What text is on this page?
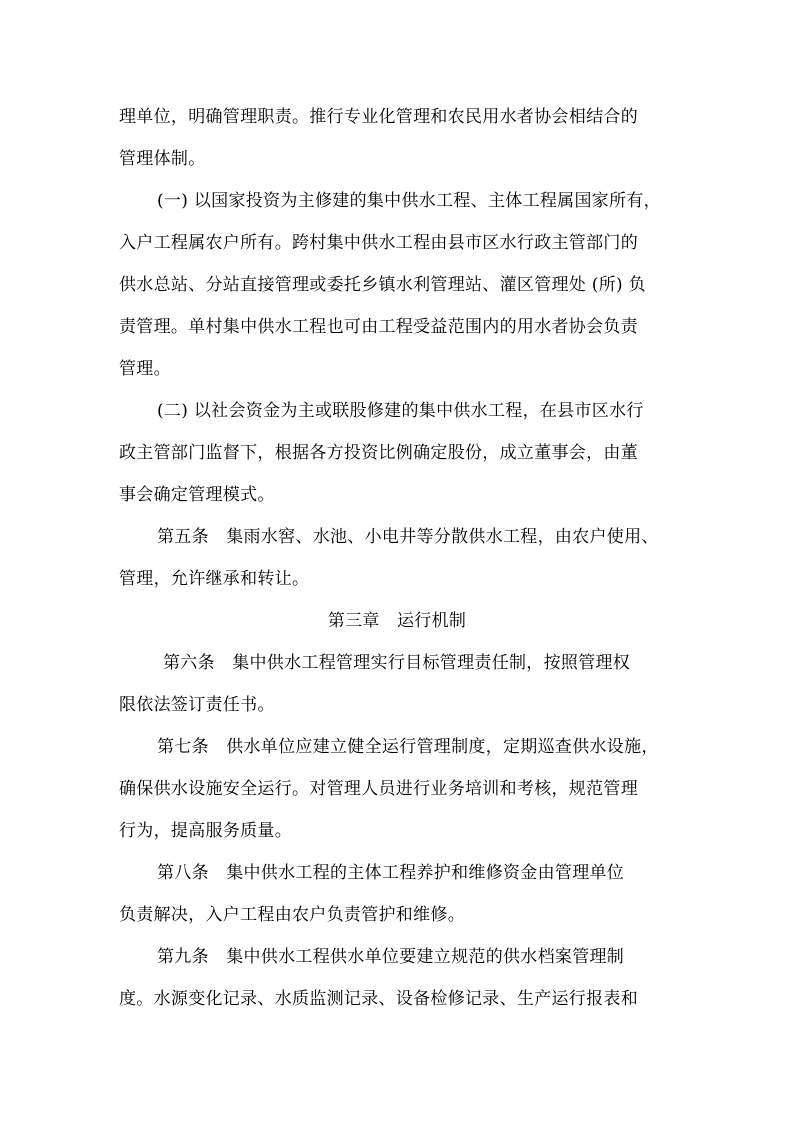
理单位，明确管理职责。推行专业化管理和农民用水者协会相结合的
管理体制。
(一) 以国家投资为主修建的集中供水工程、主体工程属国家所有，
入户工程属农户所有。跨村集中供水工程由县市区水行政主管部门的
供水总站、分站直接管理或委托乡镇水利管理站、灌区管理处 (所) 负
责管理。单村集中供水工程也可由工程受益范围内的用水者协会负责
管理。
(二) 以社会资金为主或联股修建的集中供水工程，在县市区水行
政主管部门监督下，根据各方投资比例确定股份，成立董事会，由董
事会确定管理模式。
第五条　集雨水窖、水池、小电井等分散供水工程，由农户使用、
管理，允许继承和转让。
第三章　运行机制
第六条　集中供水工程管理实行目标管理责任制，按照管理权
限依法签订责任书。
第七条　供水单位应建立健全运行管理制度，定期巡查供水设施，
确保供水设施安全运行。对管理人员进行业务培训和考核，规范管理
行为，提高服务质量。
第八条　集中供水工程的主体工程养护和维修资金由管理单位
负责解决，入户工程由农户负责管护和维修。
第九条　集中供水工程供水单位要建立规范的供水档案管理制
度。水源变化记录、水质监测记录、设备检修记录、生产运行报表和
